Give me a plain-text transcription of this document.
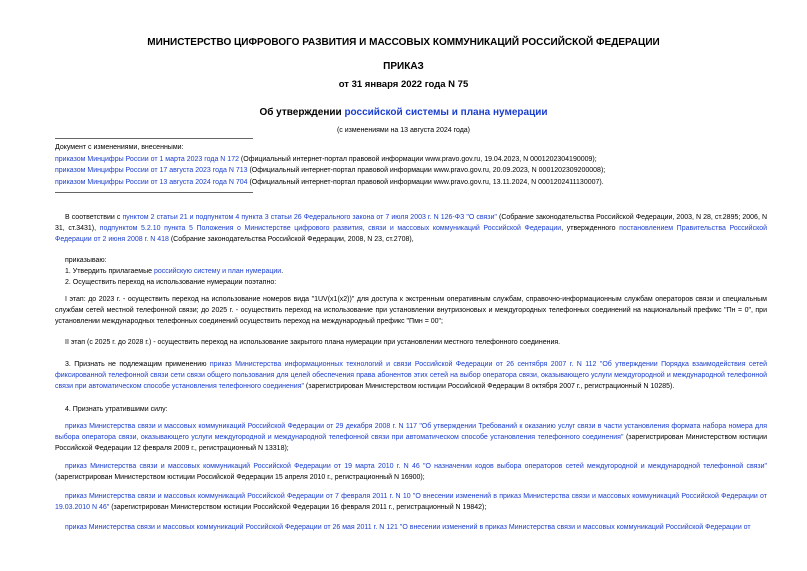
МИНИСТЕРСТВО ЦИФРОВОГО РАЗВИТИЯ И МАССОВЫХ КОММУНИКАЦИЙ РОССИЙСКОЙ ФЕДЕРАЦИИ
ПРИКАЗ
от 31 января 2022 года N 75
Об утверждении российской системы и плана нумерации
(с изменениями на 13 августа 2024 года)
Документ с изменениями, внесенными:
приказом Минцифры России от 1 марта 2023 года N 172 (Официальный интернет-портал правовой информации www.pravo.gov.ru, 19.04.2023, N 0001202304190009);
приказом Минцифры России от 17 августа 2023 года N 713 (Официальный интернет-портал правовой информации www.pravo.gov.ru, 20.09.2023, N 0001202309200008);
приказом Минцифры России от 13 августа 2024 года N 704 (Официальный интернет-портал правовой информации www.pravo.gov.ru, 13.11.2024, N 0001202411130007).

В соответствии с пунктом 2 статьи 21 и подпунктом 4 пункта 3 статьи 26 Федерального закона от 7 июля 2003 г. N 126-ФЗ "О связи" (Собрание законодательства Российской Федерации, 2003, N 28, ст.2895; 2006, N 31, ст.3431), подпунктом 5.2.10 пункта 5 Положения о Министерстве цифрового развития, связи и массовых коммуникаций Российской Федерации, утвержденного постановлением Правительства Российской Федерации от 2 июня 2008 г. N 418 (Собрание законодательства Российской Федерации, 2008, N 23, ст.2708),

приказываю:

1. Утвердить прилагаемые российскую систему и план нумерации.

2. Осуществить переход на использование нумерации поэтапно:

I этап: до 2023 г. - осуществить переход на использование номеров вида "1UV(x1(x2))" для доступа к экстренным оперативным службам, справочно-информационным службам операторов связи и специальным службам сетей местной телефонной связи; до 2025 г. - осуществить переход на использование при установлении внутризоновых и междугородных телефонных соединений на национальный префикс "Пн = 0", при установлении международных телефонных соединений осуществить переход на международный префикс "Пмн = 00";

II этап (с 2025 г. до 2028 г.) - осуществить переход на использование закрытого плана нумерации при установлении местного телефонного соединения.

3. Признать не подлежащим применению приказ Министерства информационных технологий и связи Российской Федерации от 26 сентября 2007 г. N 112 "Об утверждении Порядка взаимодействия сетей фиксированной телефонной связи сети связи общего пользования для целей обеспечения права абонентов этих сетей на выбор оператора связи, оказывающего услуги междугородной и международной телефонной связи при автоматическом способе установления телефонного соединения" (зарегистрирован Министерством юстиции Российской Федерации 8 октября 2007 г., регистрационный N 10285).

4. Признать утратившими силу:

приказ Министерства связи и массовых коммуникаций Российской Федерации от 29 декабря 2008 г. N 117 "Об утверждении Требований к оказанию услуг связи в части установления формата набора номера для выбора оператора связи, оказывающего услуги междугородной и международной телефонной связи при автоматическом способе установления телефонного соединения" (зарегистрирован Министерством юстиции Российской Федерации 12 февраля 2009 г., регистрационный N 13318);

приказ Министерства связи и массовых коммуникаций Российской Федерации от 19 марта 2010 г. N 46 "О назначении кодов выбора операторов сетей междугородной и международной телефонной связи" (зарегистрирован Министерством юстиции Российской Федерации 15 апреля 2010 г., регистрационный N 16900);

приказ Министерства связи и массовых коммуникаций Российской Федерации от 7 февраля 2011 г. N 10 "О внесении изменений в приказ Министерства связи и массовых коммуникаций Российской Федерации от 19.03.2010 N 46" (зарегистрирован Министерством юстиции Российской Федерации 16 февраля 2011 г., регистрационный N 19842);

приказ Министерства связи и массовых коммуникаций Российской Федерации от 26 мая 2011 г. N 121 "О внесении изменений в приказ Министерства связи и массовых коммуникаций Российской Федерации от
